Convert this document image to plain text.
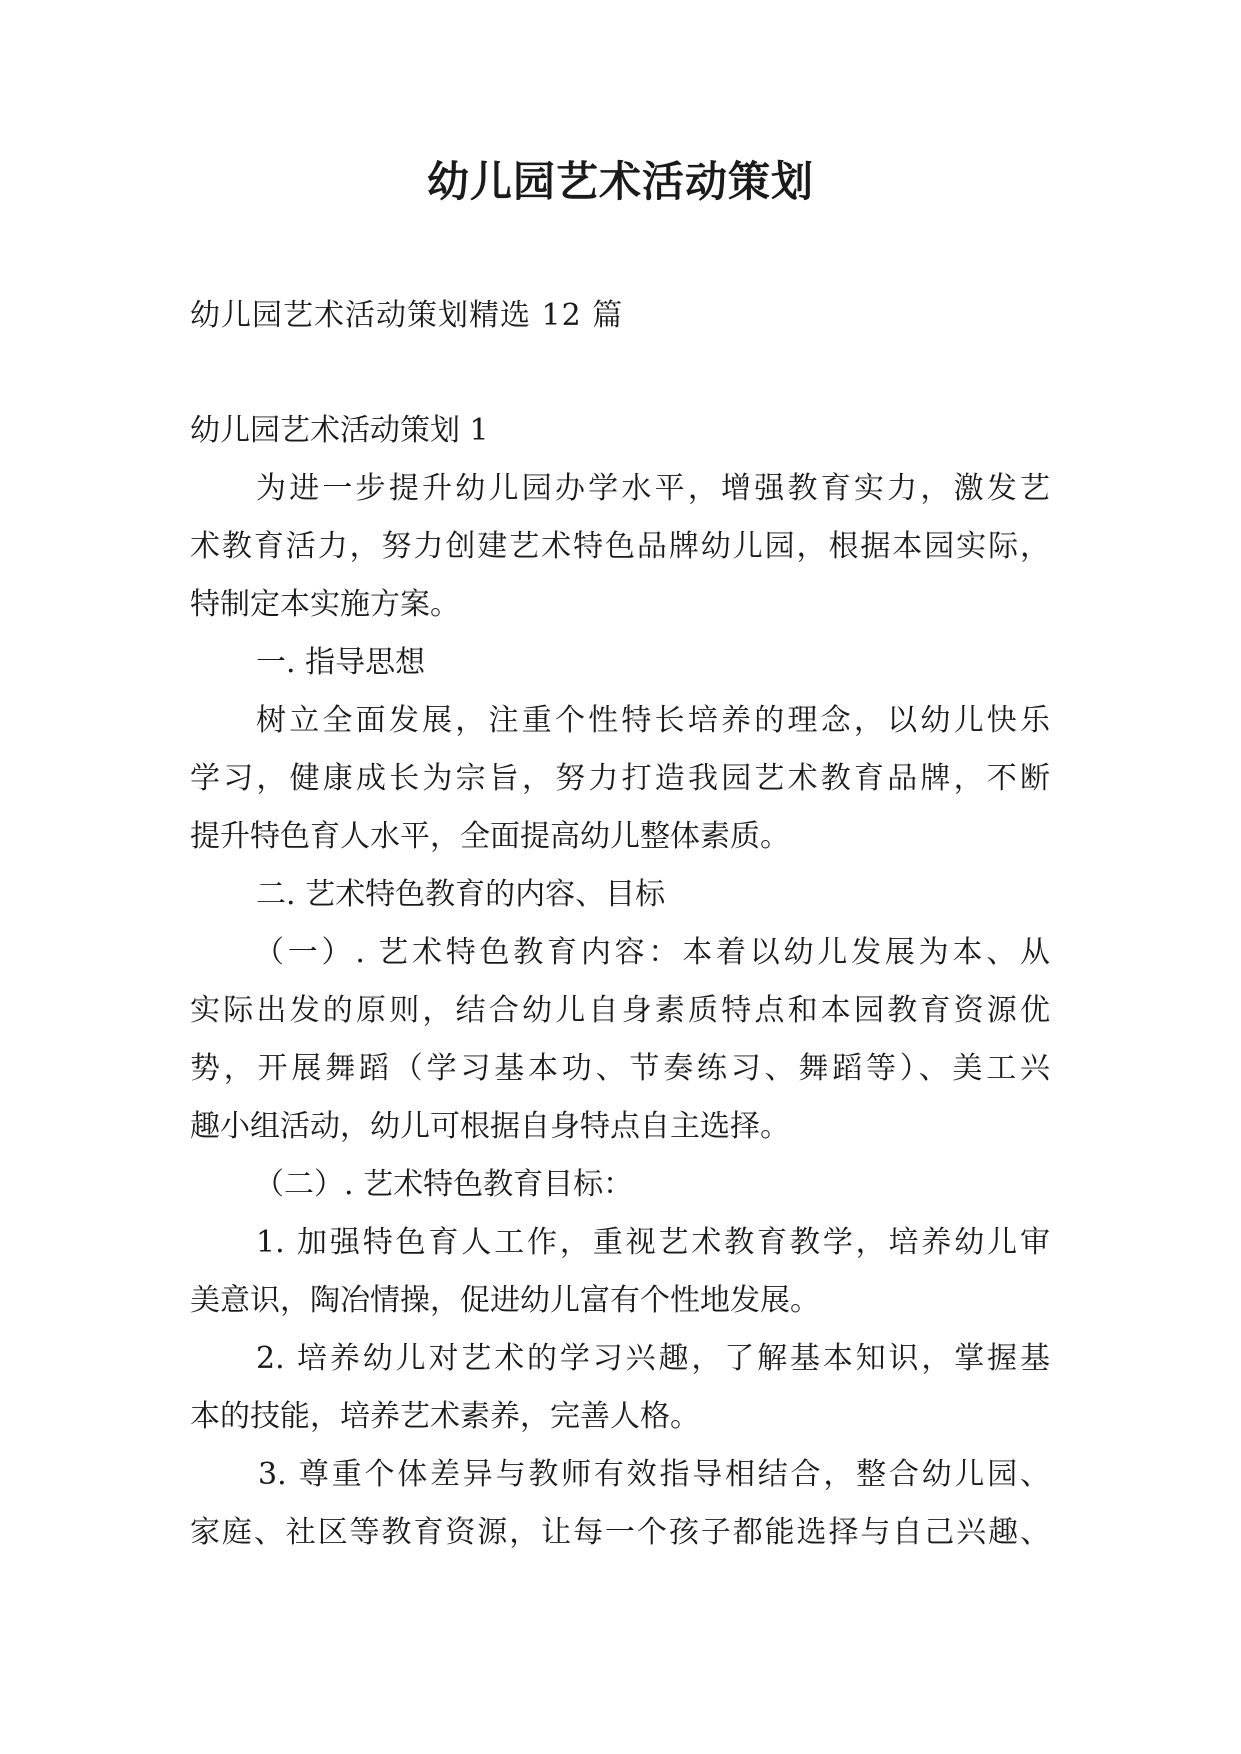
幼儿园艺术活动策划
幼儿园艺术活动策划精选 12 篇
幼儿园艺术活动策划 1
为进一步提升幼儿园办学水平，增强教育实力，激发艺
术教育活力，努力创建艺术特色品牌幼儿园，根据本园实际，
特制定本实施方案。
一. 指导思想
树立全面发展，注重个性特长培养的理念，以幼儿快乐
学习，健康成长为宗旨，努力打造我园艺术教育品牌，不断
提升特色育人水平，全面提高幼儿整体素质。
二. 艺术特色教育的内容、目标
（一）. 艺术特色教育内容：本着以幼儿发展为本、从
实际出发的原则，结合幼儿自身素质特点和本园教育资源优
势，开展舞蹈（学习基本功、节奏练习、舞蹈等）、美工兴
趣小组活动，幼儿可根据自身特点自主选择。
（二）. 艺术特色教育目标：
1. 加强特色育人工作，重视艺术教育教学，培养幼儿审
美意识，陶冶情操，促进幼儿富有个性地发展。
2. 培养幼儿对艺术的学习兴趣，了解基本知识，掌握基
本的技能，培养艺术素养，完善人格。
3. 尊重个体差异与教师有效指导相结合，整合幼儿园、
家庭、社区等教育资源，让每一个孩子都能选择与自己兴趣、
